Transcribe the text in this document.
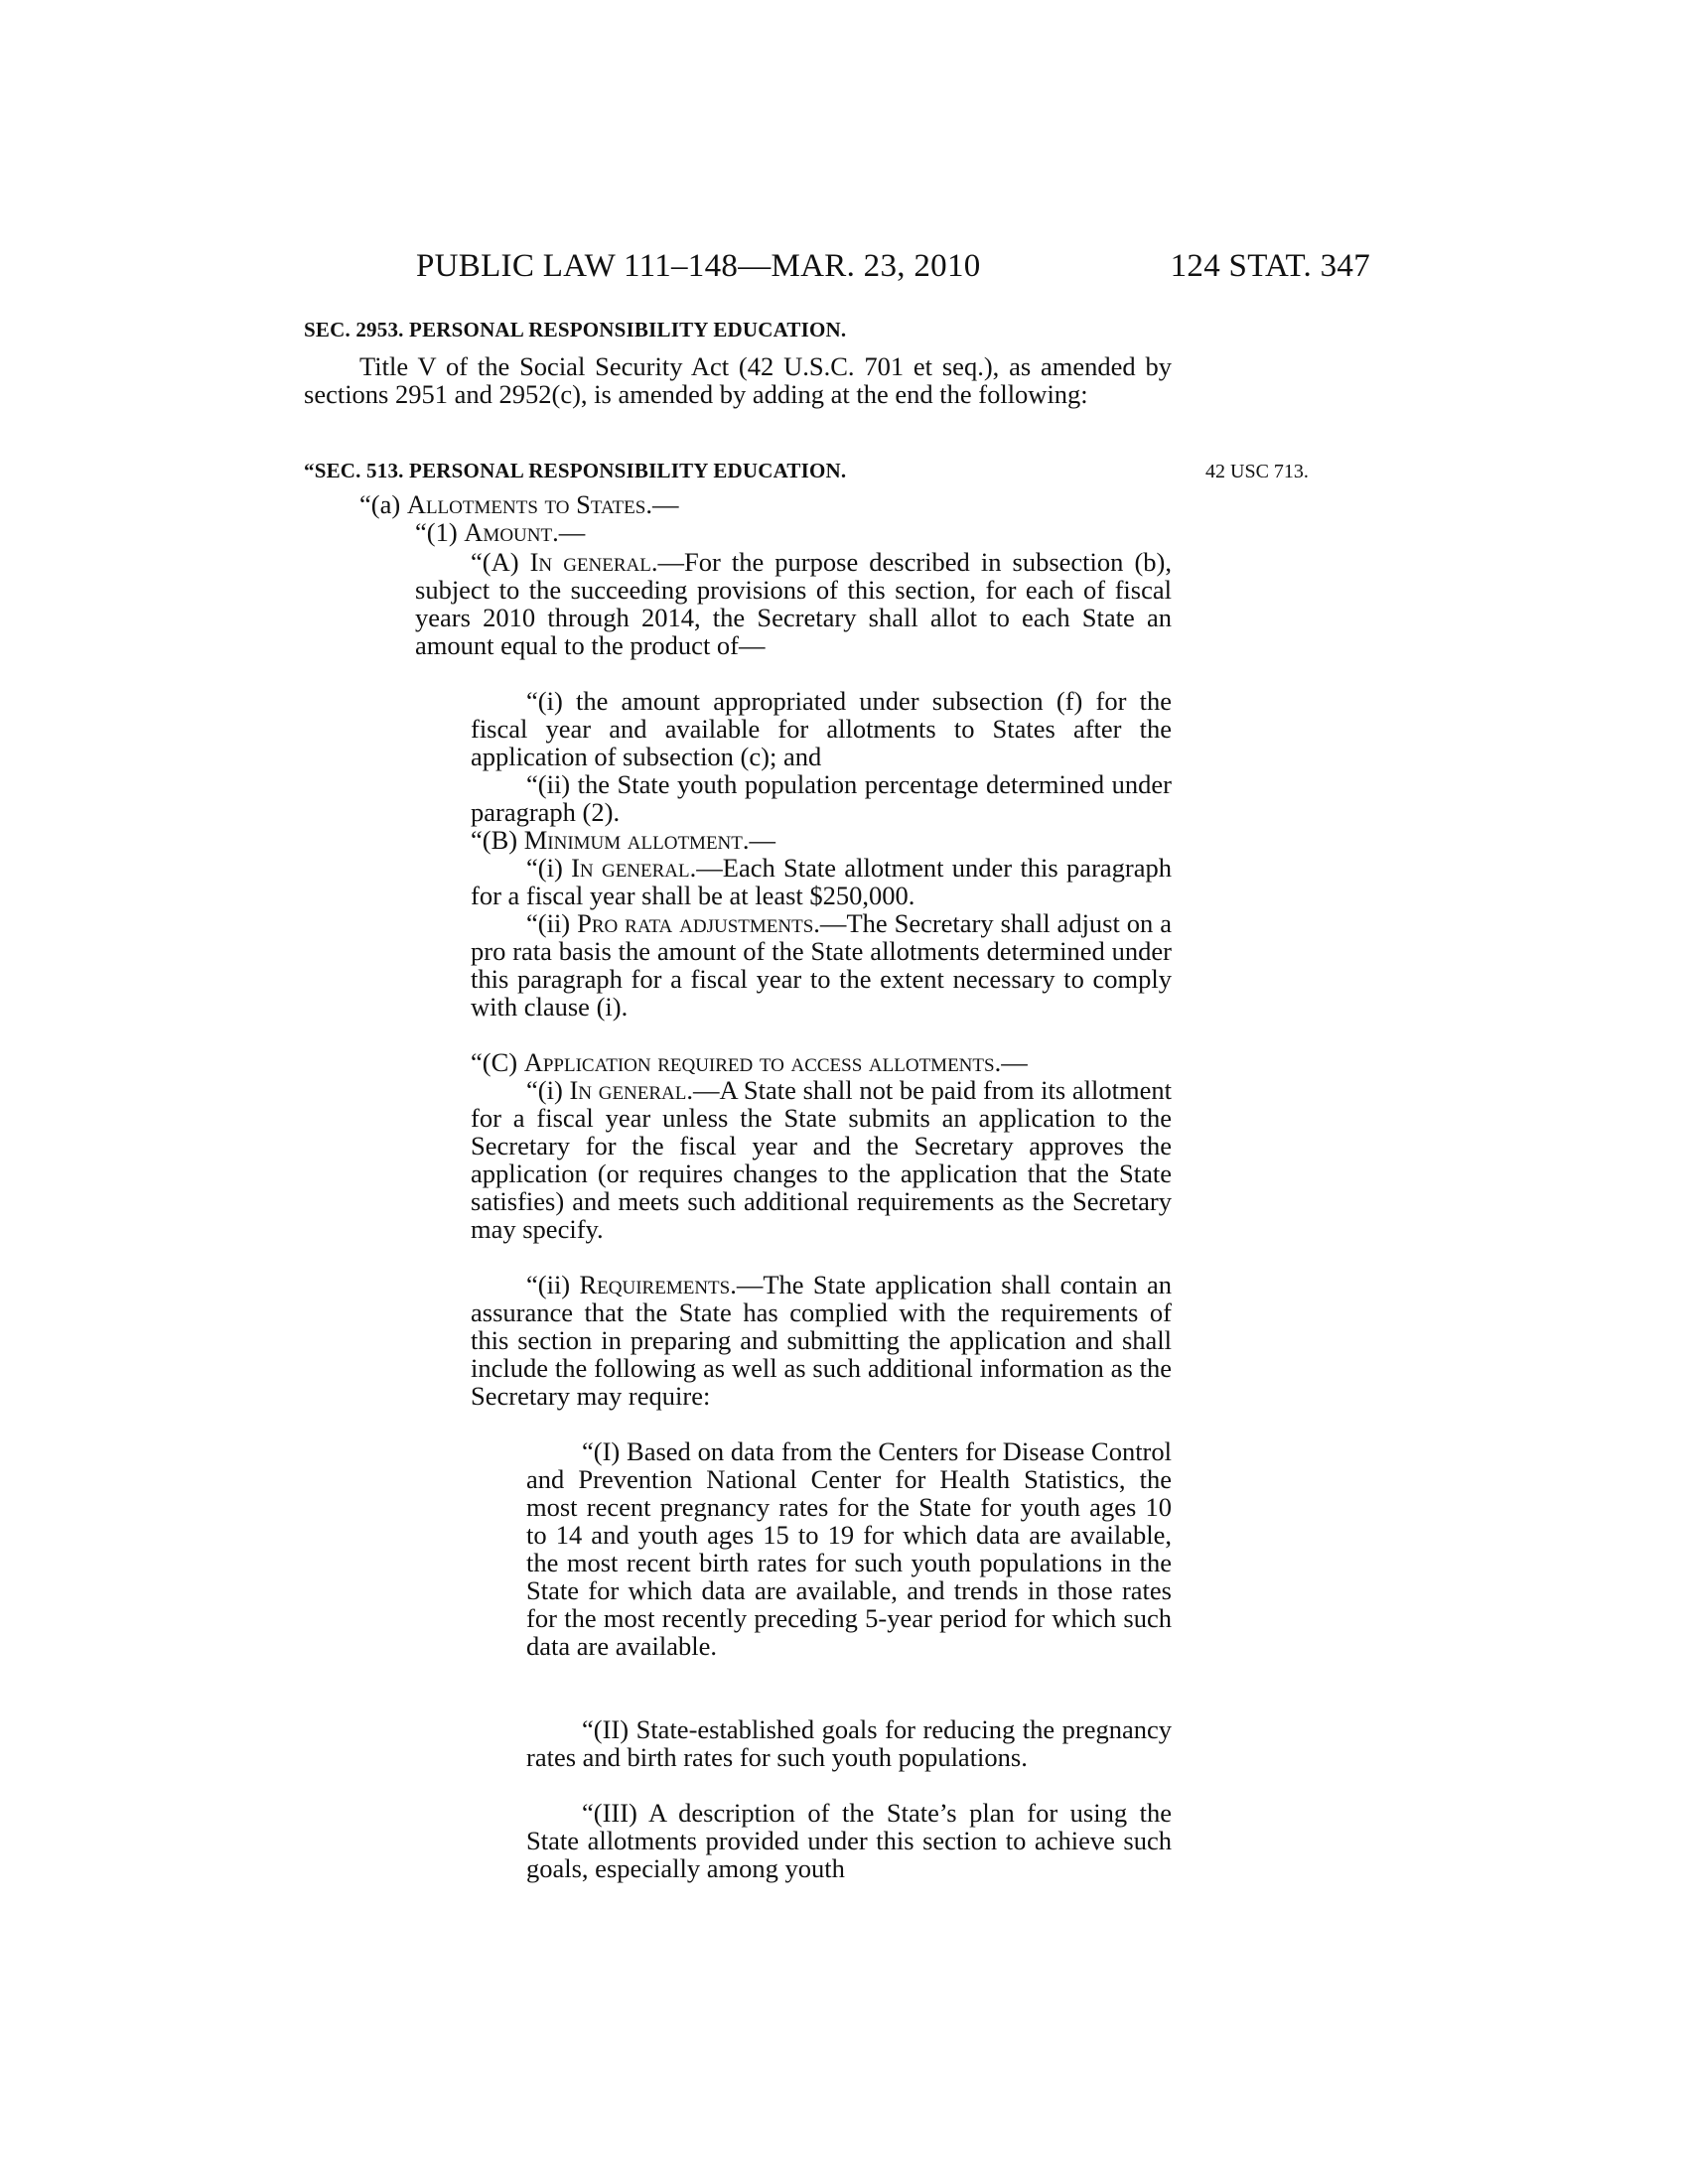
PUBLIC LAW 111–148—MAR. 23, 2010	124 STAT. 347
SEC. 2953. PERSONAL RESPONSIBILITY EDUCATION.
Title V of the Social Security Act (42 U.S.C. 701 et seq.), as amended by sections 2951 and 2952(c), is amended by adding at the end the following:
“SEC. 513. PERSONAL RESPONSIBILITY EDUCATION.	42 USC 713.
“(a) Allotments to States.—
“(1) Amount.—
“(A) In general.—For the purpose described in subsection (b), subject to the succeeding provisions of this section, for each of fiscal years 2010 through 2014, the Secretary shall allot to each State an amount equal to the product of—
“(i) the amount appropriated under subsection (f) for the fiscal year and available for allotments to States after the application of subsection (c); and
“(ii) the State youth population percentage determined under paragraph (2).
“(B) Minimum allotment.—
“(i) In general.—Each State allotment under this paragraph for a fiscal year shall be at least $250,000.
“(ii) Pro rata adjustments.—The Secretary shall adjust on a pro rata basis the amount of the State allotments determined under this paragraph for a fiscal year to the extent necessary to comply with clause (i).
“(C) Application required to access allotments.—
“(i) In general.—A State shall not be paid from its allotment for a fiscal year unless the State submits an application to the Secretary for the fiscal year and the Secretary approves the application (or requires changes to the application that the State satisfies) and meets such additional requirements as the Secretary may specify.
“(ii) Requirements.—The State application shall contain an assurance that the State has complied with the requirements of this section in preparing and submitting the application and shall include the following as well as such additional information as the Secretary may require:
“(I) Based on data from the Centers for Disease Control and Prevention National Center for Health Statistics, the most recent pregnancy rates for the State for youth ages 10 to 14 and youth ages 15 to 19 for which data are available, the most recent birth rates for such youth populations in the State for which data are available, and trends in those rates for the most recently preceding 5-year period for which such data are available.
“(II) State-established goals for reducing the pregnancy rates and birth rates for such youth populations.
“(III) A description of the State’s plan for using the State allotments provided under this section to achieve such goals, especially among youth
